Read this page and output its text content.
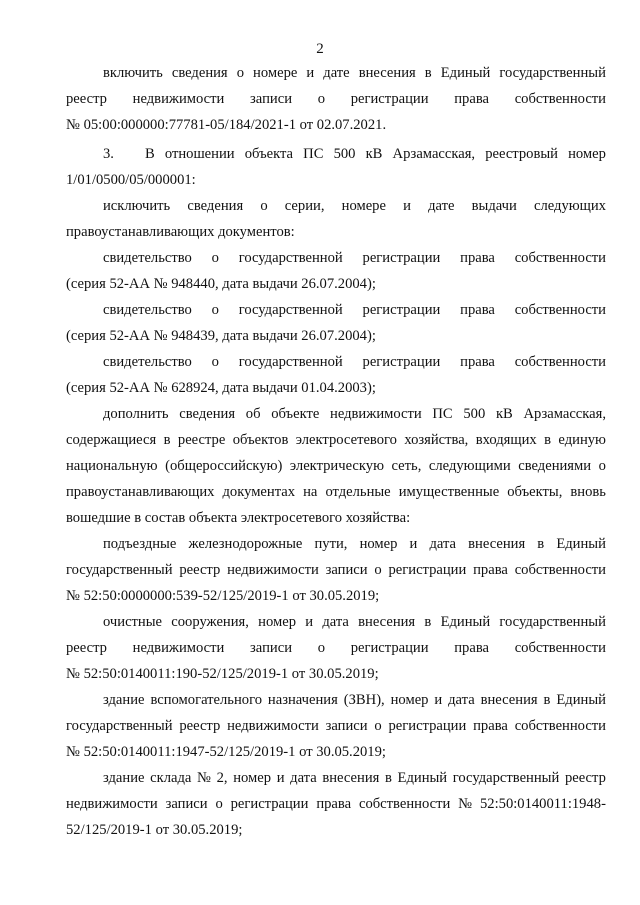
2
включить сведения о номере и дате внесения в Единый государственный
реестр недвижимости записи о регистрации права собственности
№ 05:00:000000:77781-05/184/2021-1 от 02.07.2021.
3. В отношении объекта ПС 500 кВ Арзамасская, реестровый номер
1/01/0500/05/000001:
исключить сведения о серии, номере и дате выдачи следующих
правоустанавливающих документов:
свидетельство о государственной регистрации права собственности
(серия 52-АА № 948440, дата выдачи 26.07.2004);
свидетельство о государственной регистрации права собственности
(серия 52-АА № 948439, дата выдачи 26.07.2004);
свидетельство о государственной регистрации права собственности
(серия 52-АА № 628924, дата выдачи 01.04.2003);
дополнить сведения об объекте недвижимости ПС 500 кВ Арзамасская,
содержащиеся в реестре объектов электросетевого хозяйства, входящих в единую
национальную (общероссийскую) электрическую сеть, следующими сведениями о
правоустанавливающих документах на отдельные имущественные объекты, вновь
вошедшие в состав объекта электросетевого хозяйства:
подъездные железнодорожные пути, номер и дата внесения в Единый
государственный реестр недвижимости записи о регистрации права собственности
№ 52:50:0000000:539-52/125/2019-1 от 30.05.2019;
очистные сооружения, номер и дата внесения в Единый государственный
реестр недвижимости записи о регистрации права собственности
№ 52:50:0140011:190-52/125/2019-1 от 30.05.2019;
здание вспомогательного назначения (ЗВН), номер и дата внесения в Единый
государственный реестр недвижимости записи о регистрации права собственности
№ 52:50:0140011:1947-52/125/2019-1 от 30.05.2019;
здание склада № 2, номер и дата внесения в Единый государственный реестр
недвижимости записи о регистрации права собственности № 52:50:0140011:1948-
52/125/2019-1 от 30.05.2019;
